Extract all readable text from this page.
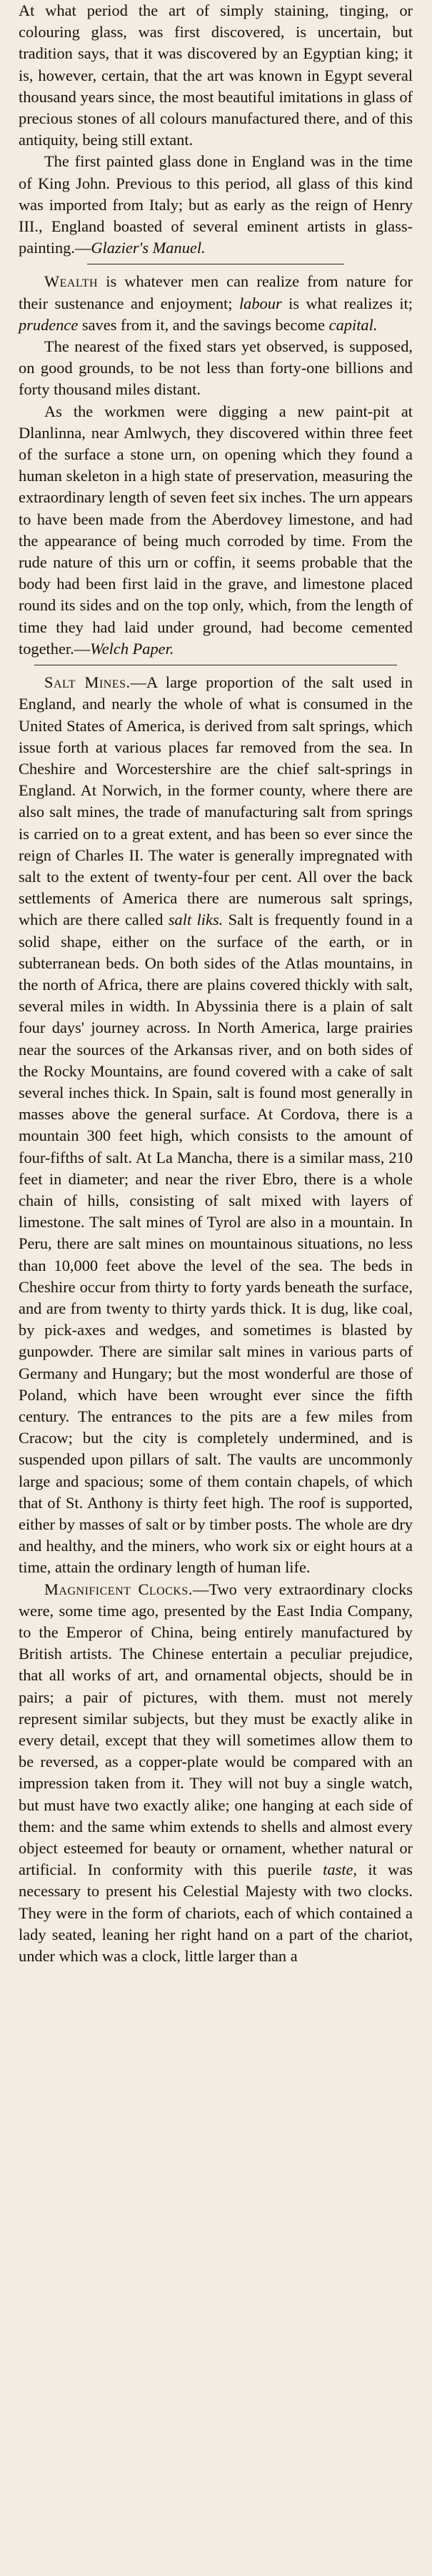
At what period the art of simply staining, tinging, or colouring glass, was first discovered, is uncertain, but tradition says, that it was discovered by an Egyptian king; it is, however, certain, that the art was known in Egypt several thousand years since, the most beautiful imitations in glass of precious stones of all colours manufactured there, and of this antiquity, being still extant.

The first painted glass done in England was in the time of King John. Previous to this period, all glass of this kind was imported from Italy; but as early as the reign of Henry III., England boasted of several eminent artists in glass-painting.—Glazier's Manuel.

Wealth is whatever men can realize from nature for their sustenance and enjoyment; labour is what realizes it; prudence saves from it, and the savings become capital.

The nearest of the fixed stars yet observed, is supposed, on good grounds, to be not less than forty-one billions and forty thousand miles distant.

As the workmen were digging a new paint-pit at Dlanlinna, near Amlwych, they discovered within three feet of the surface a stone urn, on opening which they found a human skeleton in a high state of preservation, measuring the extraordinary length of seven feet six inches. The urn appears to have been made from the Aberdovey limestone, and had the appearance of being much corroded by time. From the rude nature of this urn or coffin, it seems probable that the body had been first laid in the grave, and limestone placed round its sides and on the top only, which, from the length of time they had laid under ground, had become cemented together.—Welch Paper.

Salt Mines.—A large proportion of the salt used in England, and nearly the whole of what is consumed in the United States of America, is derived from salt springs, which issue forth at various places far removed from the sea. In Cheshire and Worcestershire are the chief salt-springs in England. At Norwich, in the former county, where there are also salt mines, the trade of manufacturing salt from springs is carried on to a great extent, and has been so ever since the reign of Charles II. The water is generally impregnated with salt to the extent of twenty-four per cent. All over the back settlements of America there are numerous salt springs, which are there called salt liks. Salt is frequently found in a solid shape, either on the surface of the earth, or in subterranean beds. On both sides of the Atlas mountains, in the north of Africa, there are plains covered thickly with salt, several miles in width. In Abyssinia there is a plain of salt four days' journey across. In North America, large prairies near the sources of the Arkansas river, and on both sides of the Rocky Mountains, are found covered with a cake of salt several inches thick. In Spain, salt is found most generally in masses above the general surface. At Cordova, there is a mountain 300 feet high, which consists to the amount of four-fifths of salt. At La Mancha, there is a similar mass, 210 feet in diameter; and near the river Ebro, there is a whole chain of hills, consisting of salt mixed with layers of limestone. The salt mines of Tyrol are also in a mountain. In Peru, there are salt mines on mountainous situations, no less than 10,000 feet above the level of the sea. The beds in Cheshire occur from thirty to forty yards beneath the surface, and are from twenty to thirty yards thick. It is dug, like coal, by pick-axes and wedges, and sometimes is blasted by gunpowder. There are similar salt mines in various parts of Germany and Hungary; but the most wonderful are those of Poland, which have been wrought ever since the fifth century. The entrances to the pits are a few miles from Cracow; but the city is completely undermined, and is suspended upon pillars of salt. The vaults are uncommonly large and spacious; some of them contain chapels, of which that of St. Anthony is thirty feet high. The roof is supported, either by masses of salt or by timber posts. The whole are dry and healthy, and the miners, who work six or eight hours at a time, attain the ordinary length of human life.

Magnificent Clocks.—Two very extraordinary clocks were, some time ago, presented by the East India Company, to the Emperor of China, being entirely manufactured by British artists. The Chinese entertain a peculiar prejudice, that all works of art, and ornamental objects, should be in pairs; a pair of pictures, with them. must not merely represent similar subjects, but they must be exactly alike in every detail, except that they will sometimes allow them to be reversed, as a copper-plate would be compared with an impression taken from it. They will not buy a single watch, but must have two exactly alike; one hanging at each side of them: and the same whim extends to shells and almost every object esteemed for beauty or ornament, whether natural or artificial. In conformity with this puerile taste, it was necessary to present his Celestial Majesty with two clocks. They were in the form of chariots, each of which contained a lady seated, leaning her right hand on a part of the chariot, under which was a clock, little larger than a
